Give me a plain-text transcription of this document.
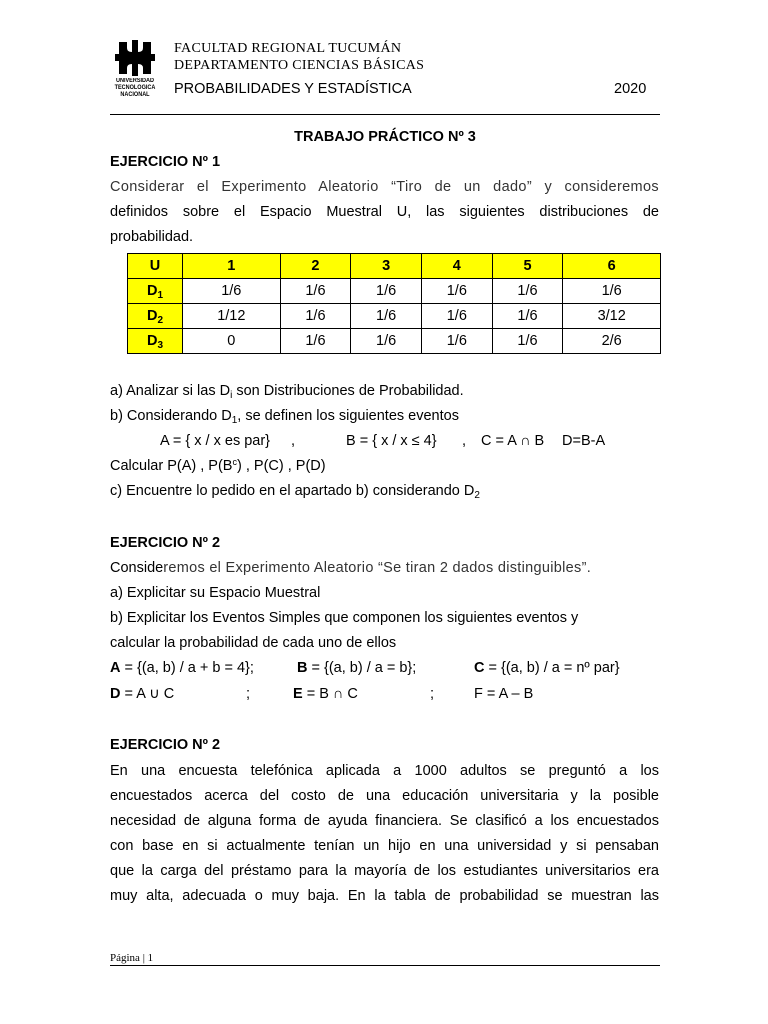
UNIVERSIDAD
TECNOLOGICA
NACIONAL
FACULTAD REGIONAL TUCUMÁN
DEPARTAMENTO CIENCIAS BÁSICAS
PROBABILIDADES Y ESTADÍSTICA	2020
TRABAJO PRÁCTICO Nº 3
EJERCICIO Nº 1
Considerar el Experimento Aleatorio “Tiro de un dado” y consideremos
definidos sobre el Espacio Muestral U, las siguientes distribuciones de
probabilidad.
U	1	2	3	4	5	6
$D_1$	1/6	1/6	1/6	1/6	1/6	1/6
$D_2$	1/12	1/6	1/6	1/6	1/6	3/12
$D_3$	0	1/6	1/6	1/6	1/6	2/6
a) Analizar si las $D_i$ son Distribuciones de Probabilidad.
b) Considerando $D_1$, se definen los siguientes eventos
A = { x / x es par} ,	B = { x / x ≤ 4} , C = A ∩ B D=B-A
Calcular P(A) , $P(B^c)$ , P(C) , P(D)
c) Encuentre lo pedido en el apartado b) considerando $D_2$
EJERCICIO Nº 2
Consideremos el Experimento Aleatorio “Se tiran 2 dados distinguibles”.
a) Explicitar su Espacio Muestral
b) Explicitar los Eventos Simples que componen los siguientes eventos y
calcular la probabilidad de cada uno de ellos
A = {(a, b) / a + b = 4};	B = {(a, b) / a = b};	C = {(a, b) / a = nº par}
D = A ∪ C	;	E = B ∩ C	;	F = A – B
EJERCICIO Nº 2
En una encuesta telefónica aplicada a 1000 adultos se preguntó a los
encuestados acerca del costo de una educación universitaria y la posible
necesidad de alguna forma de ayuda financiera. Se clasificó a los encuestados
con base en si actualmente tenían un hijo en una universidad y si pensaban
que la carga del préstamo para la mayoría de los estudiantes universitarios era
muy alta, adecuada o muy baja. En la tabla de probabilidad se muestran las
Página | 1
